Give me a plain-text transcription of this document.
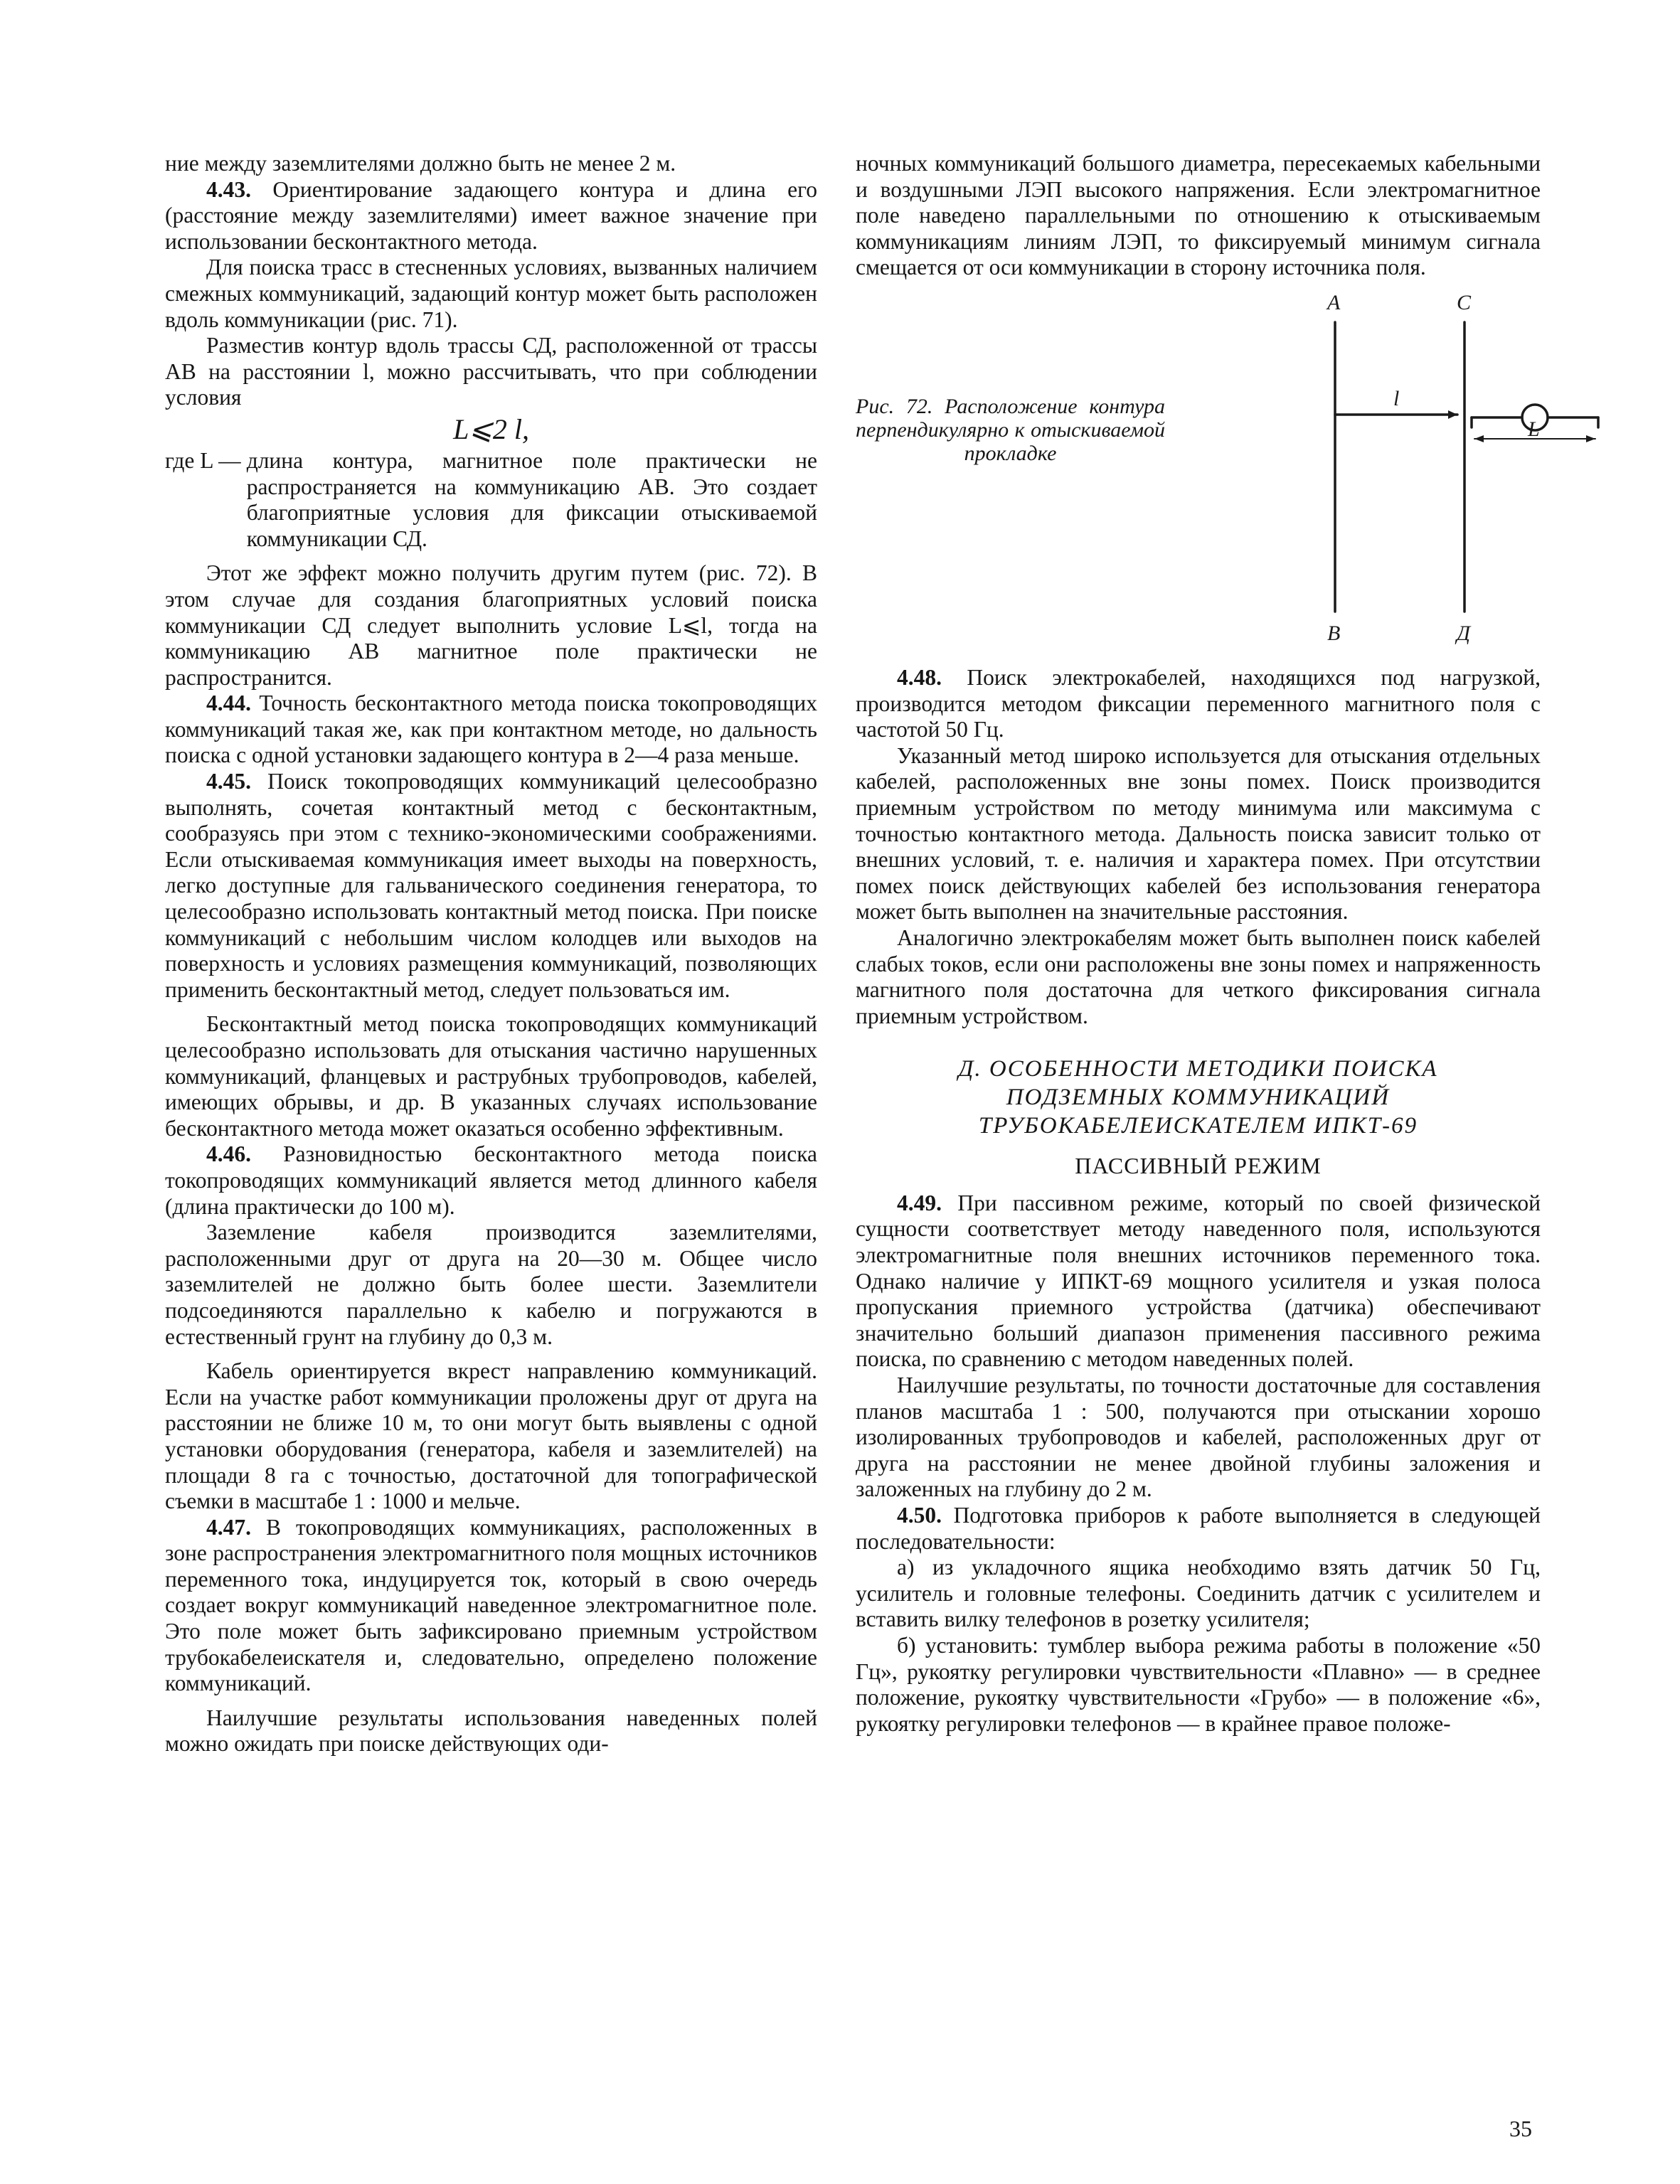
ние между заземлителями должно быть не менее 2 м.

4.43. Ориентирование задающего контура и длина его (расстояние между заземлителями) имеет важное значение при использовании бесконтактного метода.

Для поиска трасс в стесненных условиях, вызванных наличием смежных коммуникаций, задающий контур может быть расположен вдоль коммуникации (рис. 71).

Разместив контур вдоль трассы СД, расположенной от трассы АВ на расстоянии l, можно рассчитывать, что при соблюдении условия

L⩽2 l,

где L — длина контура, магнитное поле практически не распространяется на коммуникацию АВ. Это создает благоприятные условия для фиксации отыскиваемой коммуникации СД.

Этот же эффект можно получить другим путем (рис. 72). В этом случае для создания благоприятных условий поиска коммуникации СД следует выполнить условие L⩽l, тогда на коммуникацию АВ магнитное поле практически не распространится.

4.44. Точность бесконтактного метода поиска токопроводящих коммуникаций такая же, как при контактном методе, но дальность поиска с одной установки задающего контура в 2—4 раза меньше.

4.45. Поиск токопроводящих коммуникаций целесообразно выполнять, сочетая контактный метод с бесконтактным, сообразуясь при этом с технико-экономическими соображениями. Если отыскиваемая коммуникация имеет выходы на поверхность, легко доступные для гальванического соединения генератора, то целесообразно использовать контактный метод поиска. При поиске коммуникаций с небольшим числом колодцев или выходов на поверхность и условиях размещения коммуникаций, позволяющих применить бесконтактный метод, следует пользоваться им.

Бесконтактный метод поиска токопроводящих коммуникаций целесообразно использовать для отыскания частично нарушенных коммуникаций, фланцевых и раструбных трубопроводов, кабелей, имеющих обрывы, и др. В указанных случаях использование бесконтактного метода может оказаться особенно эффективным.

4.46. Разновидностью бесконтактного метода поиска токопроводящих коммуникаций является метод длинного кабеля (длина практически до 100 м).

Заземление кабеля производится заземлителями, расположенными друг от друга на 20—30 м. Общее число заземлителей не должно быть более шести. Заземлители подсоединяются параллельно к кабелю и погружаются в естественный грунт на глубину до 0,3 м.

Кабель ориентируется вкрест направлению коммуникаций. Если на участке работ коммуникации проложены друг от друга на расстоянии не ближе 10 м, то они могут быть выявлены с одной установки оборудования (генератора, кабеля и заземлителей) на площади 8 га с точностью, достаточной для топографической съемки в масштабе 1 : 1000 и мельче.

4.47. В токопроводящих коммуникациях, расположенных в зоне распространения электромагнитного поля мощных источников переменного тока, индуцируется ток, который в свою очередь создает вокруг коммуникаций наведенное электромагнитное поле. Это поле может быть зафиксировано приемным устройством трубокабелеискателя и, следовательно, определено положение коммуникаций.

Наилучшие результаты использования наведенных полей можно ожидать при поиске действующих оди-

ночных коммуникаций большого диаметра, пересекаемых кабельными и воздушными ЛЭП высокого напряжения. Если электромагнитное поле наведено параллельными по отношению к отыскиваемым коммуникациям линиям ЛЭП, то фиксируемый минимум сигнала смещается от оси коммуникации в сторону источника поля.

Рис. 72. Расположение контура перпендикулярно к отыскиваемой прокладке
А	С
В	Д
l
L

4.48. Поиск электрокабелей, находящихся под нагрузкой, производится методом фиксации переменного магнитного поля с частотой 50 Гц.

Указанный метод широко используется для отыскания отдельных кабелей, расположенных вне зоны помех. Поиск производится приемным устройством по методу минимума или максимума с точностью контактного метода. Дальность поиска зависит только от внешних условий, т. е. наличия и характера помех. При отсутствии помех поиск действующих кабелей без использования генератора может быть выполнен на значительные расстояния.

Аналогично электрокабелям может быть выполнен поиск кабелей слабых токов, если они расположены вне зоны помех и напряженность магнитного поля достаточна для четкого фиксирования сигнала приемным устройством.

Д. ОСОБЕННОСТИ МЕТОДИКИ ПОИСКА
ПОДЗЕМНЫХ КОММУНИКАЦИЙ
ТРУБОКАБЕЛЕИСКАТЕЛЕМ ИПКТ-69

ПАССИВНЫЙ РЕЖИМ

4.49. При пассивном режиме, который по своей физической сущности соответствует методу наведенного поля, используются электромагнитные поля внешних источников переменного тока. Однако наличие у ИПКТ-69 мощного усилителя и узкая полоса пропускания приемного устройства (датчика) обеспечивают значительно больший диапазон применения пассивного режима поиска, по сравнению с методом наведенных полей.

Наилучшие результаты, по точности достаточные для составления планов масштаба 1 : 500, получаются при отыскании хорошо изолированных трубопроводов и кабелей, расположенных друг от друга на расстоянии не менее двойной глубины заложения и заложенных на глубину до 2 м.

4.50. Подготовка приборов к работе выполняется в следующей последовательности:

а) из укладочного ящика необходимо взять датчик 50 Гц, усилитель и головные телефоны. Соединить датчик с усилителем и вставить вилку телефонов в розетку усилителя;

б) установить: тумблер выбора режима работы в положение «50 Гц», рукоятку регулировки чувствительности «Плавно» — в среднее положение, рукоятку чувствительности «Грубо» — в положение «6», рукоятку регулировки телефонов — в крайнее правое положе-

35
